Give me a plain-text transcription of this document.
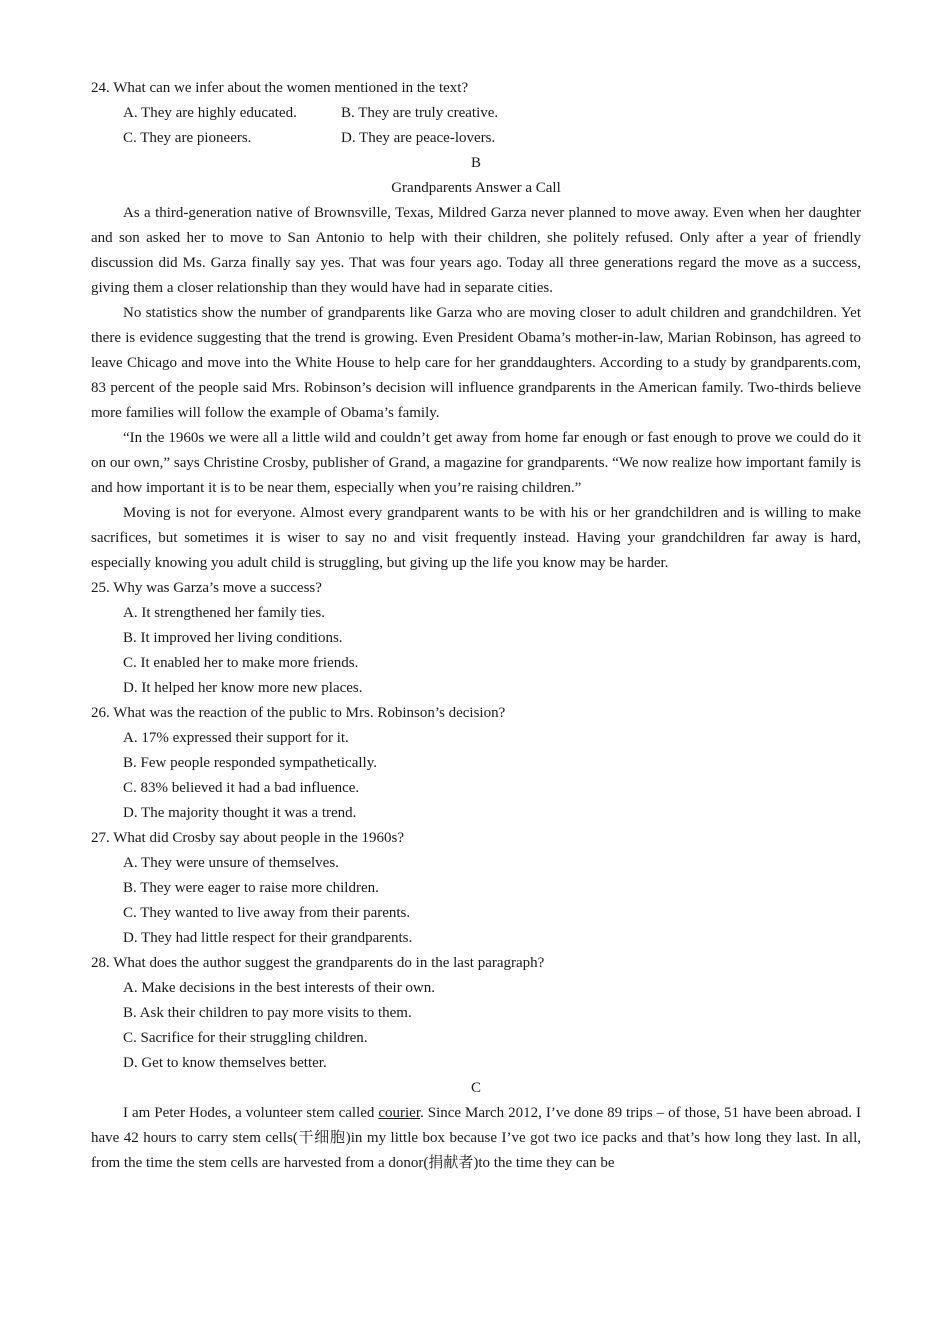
24. What can we infer about the women mentioned in the text?
A. They are highly educated.	B. They are truly creative.
C. They are pioneers.	D. They are peace-lovers.
B
Grandparents Answer a Call

As a third-generation native of Brownsville, Texas, Mildred Garza never planned to move away. Even when her daughter and son asked her to move to San Antonio to help with their children, she politely refused. Only after a year of friendly discussion did Ms. Garza finally say yes. That was four years ago. Today all three generations regard the move as a success, giving them a closer relationship than they would have had in separate cities.

No statistics show the number of grandparents like Garza who are moving closer to adult children and grandchildren. Yet there is evidence suggesting that the trend is growing. Even President Obama’s mother-in-law, Marian Robinson, has agreed to leave Chicago and move into the White House to help care for her granddaughters. According to a study by grandparents.com, 83 percent of the people said Mrs. Robinson’s decision will influence grandparents in the American family. Two-thirds believe more families will follow the example of Obama’s family.

“In the 1960s we were all a little wild and couldn’t get away from home far enough or fast enough to prove we could do it on our own,” says Christine Crosby, publisher of Grand, a magazine for grandparents. “We now realize how important family is and how important it is to be near them, especially when you’re raising children.”

Moving is not for everyone. Almost every grandparent wants to be with his or her grandchildren and is willing to make sacrifices, but sometimes it is wiser to say no and visit frequently instead. Having your grandchildren far away is hard, especially knowing you adult child is struggling, but giving up the life you know may be harder.

25. Why was Garza’s move a success?
A. It strengthened her family ties.
B. It improved her living conditions.
C. It enabled her to make more friends.
D. It helped her know more new places.
26. What was the reaction of the public to Mrs. Robinson’s decision?
A. 17% expressed their support for it.
B. Few people responded sympathetically.
C. 83% believed it had a bad influence.
D. The majority thought it was a trend.
27. What did Crosby say about people in the 1960s?
A. They were unsure of themselves.
B. They were eager to raise more children.
C. They wanted to live away from their parents.
D. They had little respect for their grandparents.
28. What does the author suggest the grandparents do in the last paragraph?
A. Make decisions in the best interests of their own.
B. Ask their children to pay more visits to them.
C. Sacrifice for their struggling children.
D. Get to know themselves better.
C

I am Peter Hodes, a volunteer stem called courier. Since March 2012, I’ve done 89 trips – of those, 51 have been abroad. I have 42 hours to carry stem cells(干细胞)in my little box because I’ve got two ice packs and that’s how long they last. In all, from the time the stem cells are harvested from a donor(捐献者)to the time they can be
